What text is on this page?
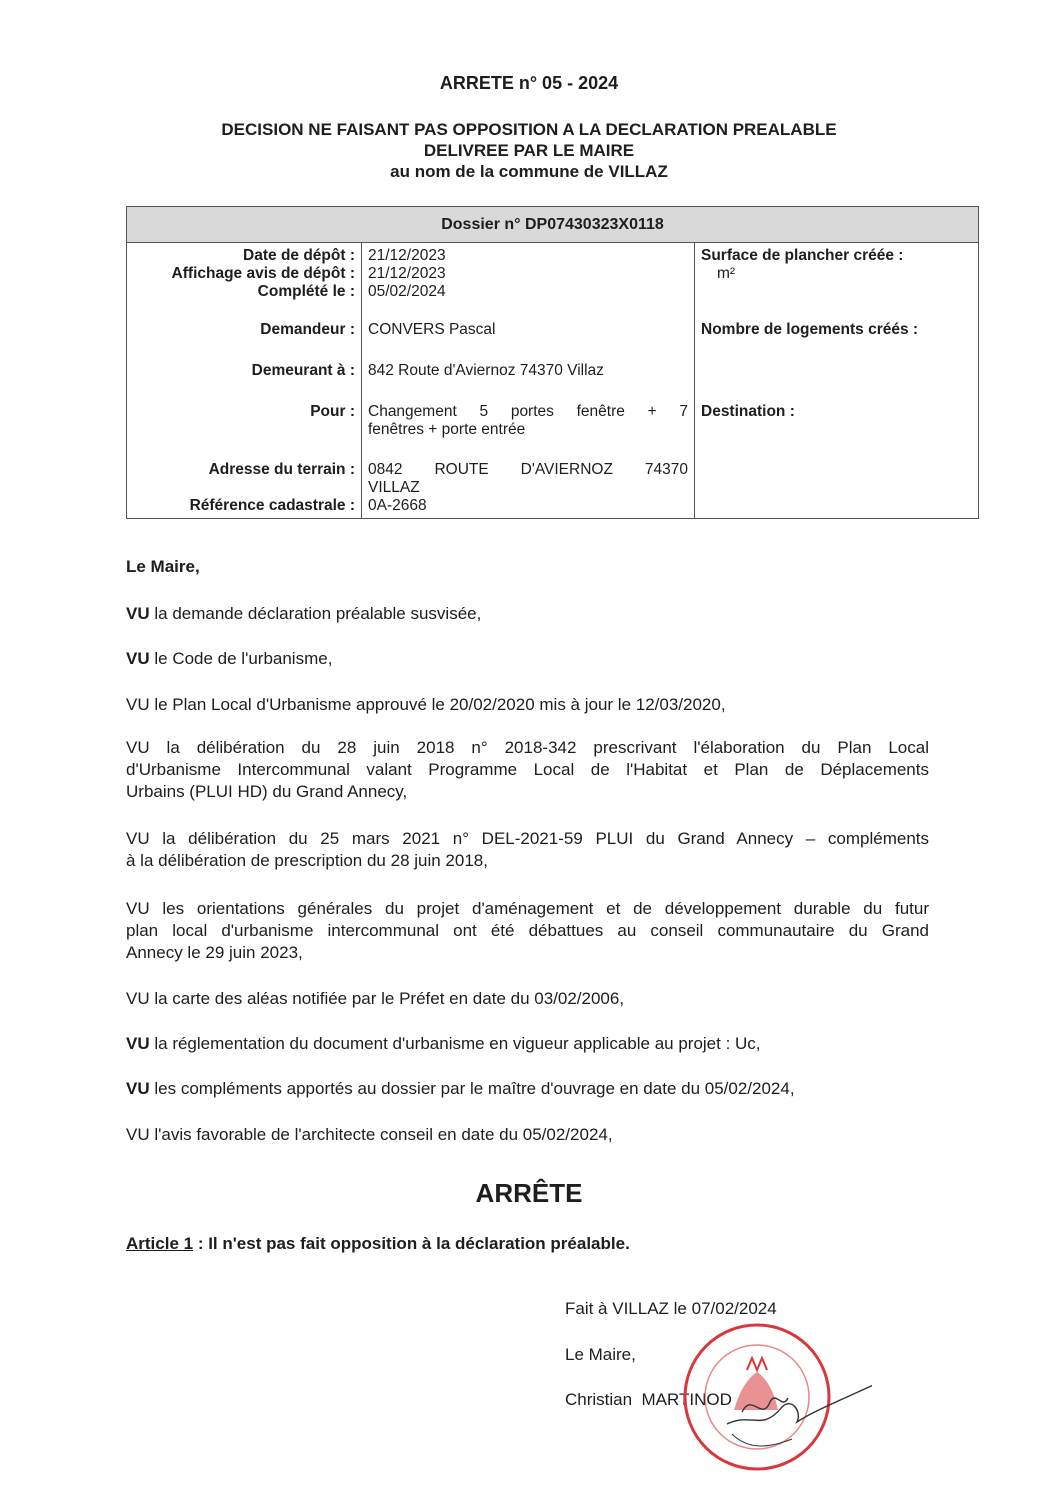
ARRETE n° 05 - 2024
DECISION NE FAISANT PAS OPPOSITION A LA DECLARATION PREALABLE
DELIVREE PAR LE MAIRE
au nom de la commune de VILLAZ
Dossier n° DP07430323X0118		
Date de dépôt :	21/12/2023	Surface de plancher créée :
Affichage avis de dépôt :	21/12/2023	m²
Complété le :	05/02/2024	
Demandeur :	CONVERS Pascal	Nombre de logements créés :
Demeurant à :	842 Route d'Aviernoz 74370 Villaz	
Pour :	Changement 5 portes fenêtre + 7	Destination :
	fenêtres + porte entrée	
Adresse du terrain :	0842 ROUTE D'AVIERNOZ 74370	
	VILLAZ	
Référence cadastrale :	0A-2668	
Le Maire,
VU la demande déclaration préalable susvisée,
VU le Code de l'urbanisme,
VU le Plan Local d'Urbanisme approuvé le 20/02/2020 mis à jour le 12/03/2020,
VU la délibération du 28 juin 2018 n° 2018-342 prescrivant l'élaboration du Plan Local
d'Urbanisme Intercommunal valant Programme Local de l'Habitat et Plan de Déplacements
Urbains (PLUI HD) du Grand Annecy,
VU la délibération du 25 mars 2021 n° DEL-2021-59 PLUI du Grand Annecy – compléments
à la délibération de prescription du 28 juin 2018,
VU les orientations générales du projet d'aménagement et de développement durable du futur
plan local d'urbanisme intercommunal ont été débattues au conseil communautaire du Grand
Annecy le 29 juin 2023,
VU la carte des aléas notifiée par le Préfet en date du 03/02/2006,
VU la réglementation du document d'urbanisme en vigueur applicable au projet : Uc,
VU les compléments apportés au dossier par le maître d'ouvrage en date du 05/02/2024,
VU l'avis favorable de l'architecte conseil en date du 05/02/2024,
ARRÊTE
Article 1 : Il n'est pas fait opposition à la déclaration préalable.
Fait à VILLAZ le 07/02/2024
Le Maire,
Christian  MARTINOD
